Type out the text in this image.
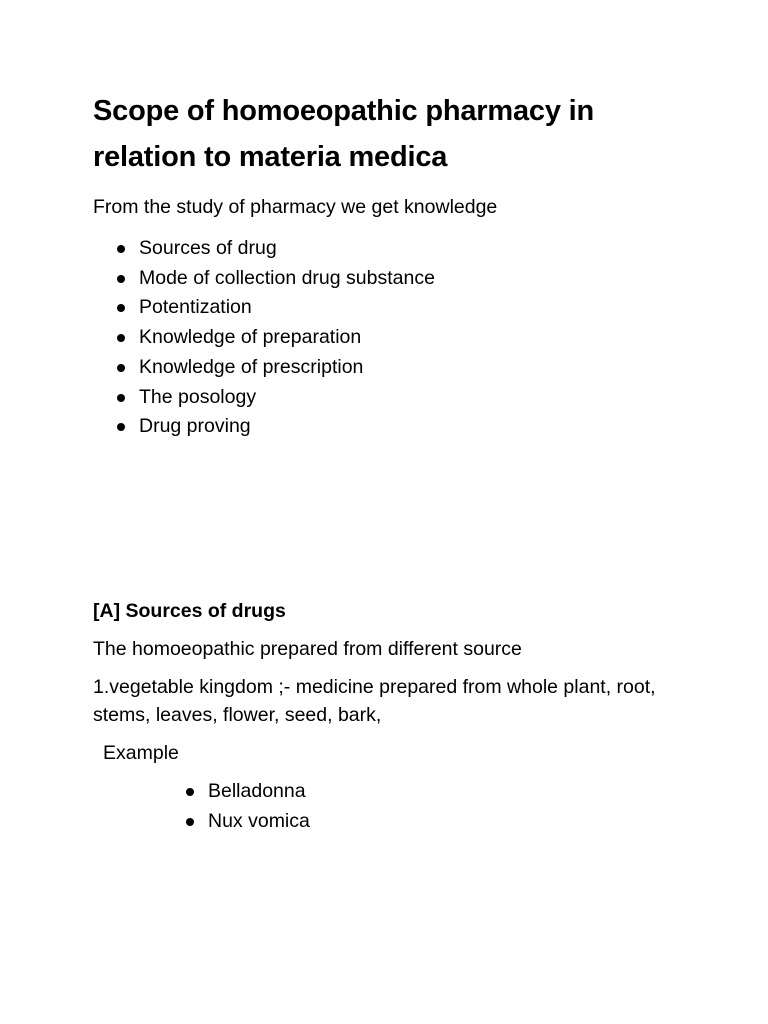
Scope of homoeopathic pharmacy in relation to materia medica

From the study of pharmacy we get knowledge

Sources of drug
Mode of collection drug substance
Potentization
Knowledge of preparation
Knowledge of prescription
The posology
Drug proving
[A] Sources of drugs

The homoeopathic prepared from different source

1.vegetable kingdom ;- medicine prepared from whole plant, root, stems, leaves, flower, seed, bark,

Example

Belladonna
Nux vomica
